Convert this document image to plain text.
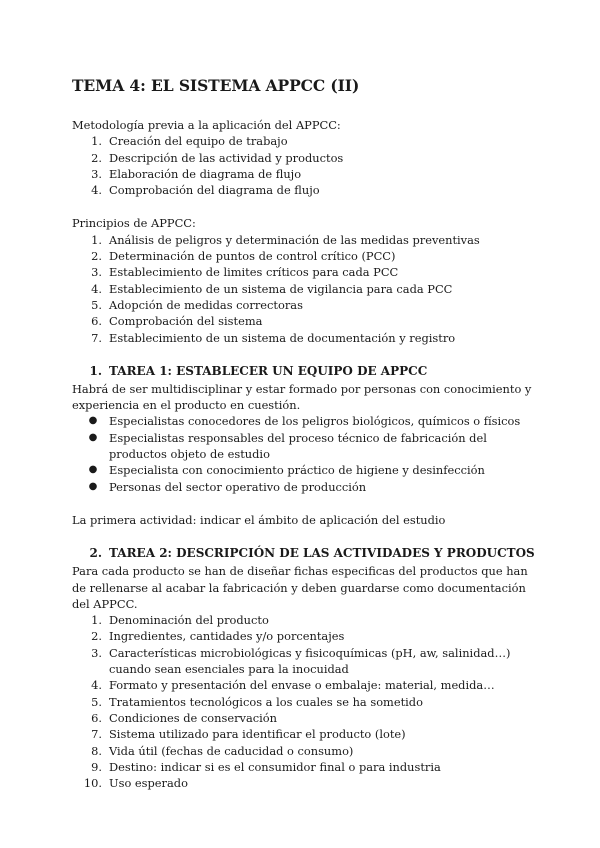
TEMA 4: EL SISTEMA APPCC (II)

Metodología previa a la aplicación del APPCC:

1. Creación del equipo de trabajo
2. Descripción de las actividad y productos
3. Elaboración de diagrama de flujo
4. Comprobación del diagrama de flujo

Principios de APPCC:

1. Análisis de peligros y determinación de las medidas preventivas
2. Determinación de puntos de control crítico (PCC)
3. Establecimiento de limites críticos para cada PCC
4. Establecimiento de un sistema de vigilancia para cada PCC
5. Adopción de medidas correctoras
6. Comprobación del sistema
7. Establecimiento de un sistema de documentación y registro
1. TAREA 1: ESTABLECER UN EQUIPO DE APPCC

Habrá de ser multidisciplinar y estar formado por personas con conocimiento y experiencia en el producto en cuestión.

● Especialistas conocedores de los peligros biológicos, químicos o físicos
● Especialistas responsables del proceso técnico de fabricación del productos objeto de estudio
● Especialista con conocimiento práctico de higiene y desinfección
● Personas del sector operativo de producción

La primera actividad: indicar el ámbito de aplicación del estudio

2. TAREA 2: DESCRIPCIÓN DE LAS ACTIVIDADES Y PRODUCTOS

Para cada producto se han de diseñar fichas especificas del productos que han de rellenarse al acabar la fabricación y deben guardarse como documentación del APPCC.

1. Denominación del producto
2. Ingredientes, cantidades y/o porcentajes
3. Características microbiológicas y fisicoquímicas (pH, aw, salinidad…) cuando sean esenciales para la inocuidad
4. Formato y presentación del envase o embalaje: material, medida…
5. Tratamientos tecnológicos a los cuales se ha sometido
6. Condiciones de conservación
7. Sistema utilizado para identificar el producto (lote)
8. Vida útil (fechas de caducidad o consumo)
9. Destino: indicar si es el consumidor final o para industria
10. Uso esperado
